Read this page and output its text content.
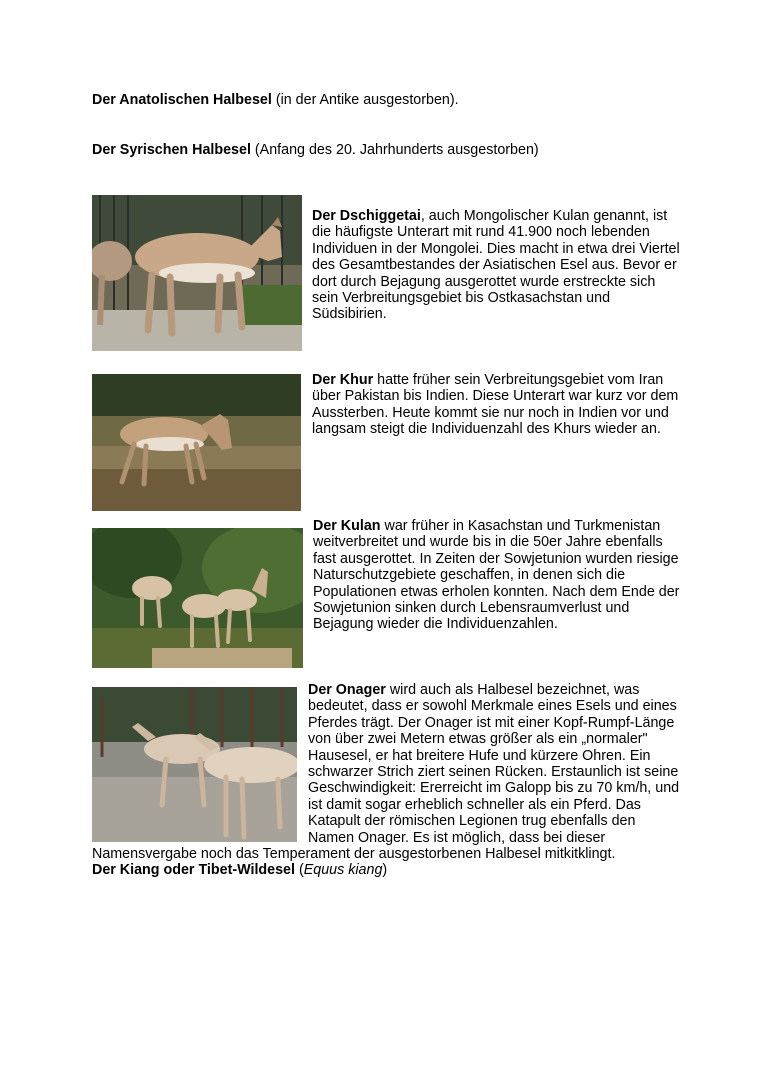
Der Anatolischen Halbesel (in der Antike ausgestorben).
Der Syrischen Halbesel (Anfang des 20. Jahrhunderts ausgestorben)
Der Dschiggetai, auch Mongolischer Kulan genannt, ist
die häufigste Unterart mit rund 41.900 noch lebenden
Individuen in der Mongolei. Dies macht in etwa drei Viertel
des Gesamtbestandes der Asiatischen Esel aus. Bevor er
dort durch Bejagung ausgerottet wurde erstreckte sich
sein Verbreitungsgebiet bis Ostkasachstan und
Südsibirien.
Der Khur hatte früher sein Verbreitungsgebiet vom Iran
über Pakistan bis Indien. Diese Unterart war kurz vor dem
Aussterben. Heute kommt sie nur noch in Indien vor und
langsam steigt die Individuenzahl des Khurs wieder an.
Der Kulan war früher in Kasachstan und Turkmenistan
weitverbreitet und wurde bis in die 50er Jahre ebenfalls
fast ausgerottet. In Zeiten der Sowjetunion wurden riesige
Naturschutzgebiete geschaffen, in denen sich die
Populationen etwas erholen konnten. Nach dem Ende der
Sowjetunion sinken durch Lebensraumverlust und
Bejagung wieder die Individuenzahlen.
Der Onager wird auch als Halbesel bezeichnet, was
bedeutet, dass er sowohl Merkmale eines Esels und eines
Pferdes trägt. Der Onager ist mit einer Kopf-Rumpf-Länge
von über zwei Metern etwas größer als ein „normaler"
Hausesel, er hat breitere Hufe und kürzere Ohren. Ein
schwarzer Strich ziert seinen Rücken. Erstaunlich ist seine
Geschwindigkeit: Ererreicht im Galopp bis zu 70 km/h, und
ist damit sogar erheblich schneller als ein Pferd. Das
Katapult der römischen Legionen trug ebenfalls den
Namen Onager. Es ist möglich, dass bei dieser
Namensvergabe noch das Temperament der ausgestorbenen Halbesel mitkitklingt.
Der Kiang oder Tibet-Wildesel (Equus kiang)
